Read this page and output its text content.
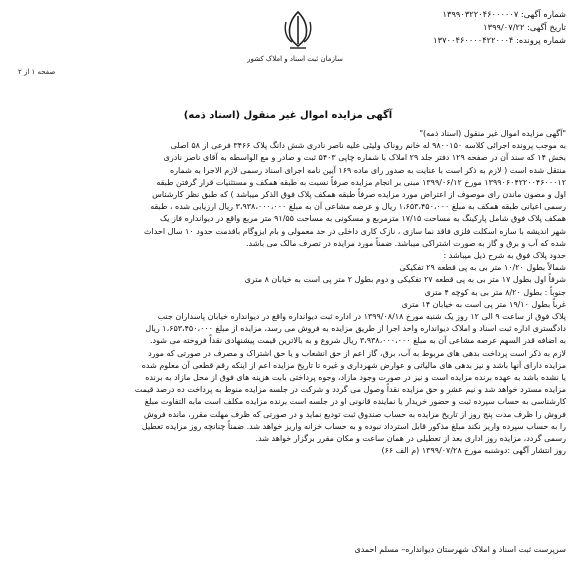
شماره آگهی: ۱۳۹۹۰۳۲۲۰۴۶۰۰۰۰۰۷
تاریخ آگهی: ۱۳۹۹/۰۷/۲۲
شماره پرونده: ۱۳۷۰۰۴۶۰۰۰۰۴۲۲۰۰۰۴
سازمان ثبت اسناد و املاک کشور
صفحه ۱ از ۲
آگهی مزایده اموال غیر منقول (اسناد ذمه)
"آگهی مزایده اموال غیر منقول (اسناد ذمه)"
به موجب پرونده اجرائی کلاسه ۹۸۰۰۱۵۰ له خانم روناک ولیئی علیه ناصر نادری شش دانگ پلاک ۳۴۶۶ فرعی از ۵۸ اصلی
بخش ۱۴ که سند آن در صفحه ۱۲۹ دفتر جلد ۲۹ املاک با شماره چاپی ۵۴۰۳ ثبت و صادر و مع الواسطه به آقای ناصر نادری
منتقل شده است ( لازم به ذکر است با عنایت به صدور رای ماده ۱۶۹ آیین نامه اجرای اسناد رسمی لازم الاجرا به شماره
۱۳۹۹۰۶۰۴۲۲۰۰۴۶۰۰۰۱۲ مورخ ۱۳۹۹/۰۶/۱۲ مبنی بر انجام مزایده صرفاً نسبت به طبقه همکف و مستثنیات قرار گرفتن طبقه
اول و مصون ماندن رای موصوف از اعتراض مورد مزایده صرفاً طبقه همکف پلاک فوق الذکر میباشد ) که طبق نظر کارشناس
رسمی اعیانی طبقه همکف به مبلغ ۱،۶۵۳،۴۵۰،۰۰۰ ریال و عرصه مشاعی آن به مبلغ ۳،۹۳۸،۰۰۰،۰۰۰ ریال ارزیابی شده ، طبقه
همکف پلاک فوق شامل پارکینگ به مساحت ۱۷/۱۵ مترمربع و مسکونی به مساحت ۹۱/۵۵ متر مربع واقع در دیوانداره فاز یک
شهر اندیشه با سازه اسکلت فلزی فاقد نما سازی ، نازک کاری داخلی در حد معمولی و بام ایزوگام باقدمت حدود ۱۰ سال احداث
شده که آب و برق و گاز به صورت اشتراکی میباشد. ضمناً مورد مزایده در تصرف مالک می باشد.
حدود پلاک فوق به شرح ذیل میباشد :
شمالاً بطول ۱۰/۲۰ متر بی به پی قطعه ۲۹ تفکیکی
شرقاً اول بطول ۱۷ متر بی به پی قطعه ۲۷ تفکیکی و دوم بطول ۲ متر پی است به خیابان ۸ متری
جنوباً : بطول ۸/۲۰ متر بی به کوچه ۴ متری
غرباً بطول ۱۹/۱۰ متر پی است به خیابان ۱۴ متری
پلاک فوق از ساعت ۹ الی ۱۲ روز یک شنبه مورخ ۱۳۹۹/۰۸/۱۸ در اداره ثبت دیوانداره واقع در دیوانداره خیابان پاسداران جنب
دادگستری اداره ثبت اسناد و املاک دیوانداره واحد اجرا از طریق مزایده به فروش می رسد، مزایده از مبلغ ۱،۶۵۳،۴۵۰،۰۰۰ ریال
به اضافه قدر السهم عرصه مشاعی آن به مبلغ ۳،۹۳۸،۰۰۰،۰۰۰ ریال شروع و به بالاترین قیمت پیشنهادی نقداً فروخته می شود.
لازم به ذکر است پرداخت بدهی های مربوط به آب، برق، گاز اعم از حق انشعاب و یا حق اشتراک و مصرف در صورتی که مورد
مزایده دارای آنها باشد و نیز بدهی های مالیاتی و عوارض شهرداری و غیره تا تاریخ مزایده اعم از اینکه رقم قطعی آن معلوم شده
یا نشده باشد به عهده برنده مزایده است و نیز در صورت وجود مازاد، وجوه پرداختی بابت هزینه های فوق از محل مازاد به برنده
مزایده مسترد خواهد شد و نیم عشر و حق مزایده نقداً وصول می گردد و شرکت در جلسه مزایده منوط به پرداخت ده درصد قیمت
کارشناسی به حساب سپرده ثبت و حضور خریدار یا نماینده قانونی او در جلسه است برنده مزایده مکلف است مابه التفاوت مبلغ
فروش را ظرف مدت پنج روز از تاریخ مزایده به حساب صندوق ثبت تودیع نماید و در صورتی که ظرف مهلت مقرر، مانده فروش
را به حساب سپرده واریز نکند مبلغ مذکور قابل استرداد نبوده و به حساب خزانه واریز خواهد شد. ضمناً چنانچه روز مزایده تعطیل
رسمی گردد، مزایده روز اداری بعد از تعطیلی در همان ساعت و مکان مقرر برگزار خواهد شد.
روز انتشار آگهی :دوشنبه مورخ ۱۳۹۹/۰۷/۲۸ (م الف ۶۶)
سرپرست ثبت اسناد و املاک شهرستان دیوانداره– مسلم احمدی
